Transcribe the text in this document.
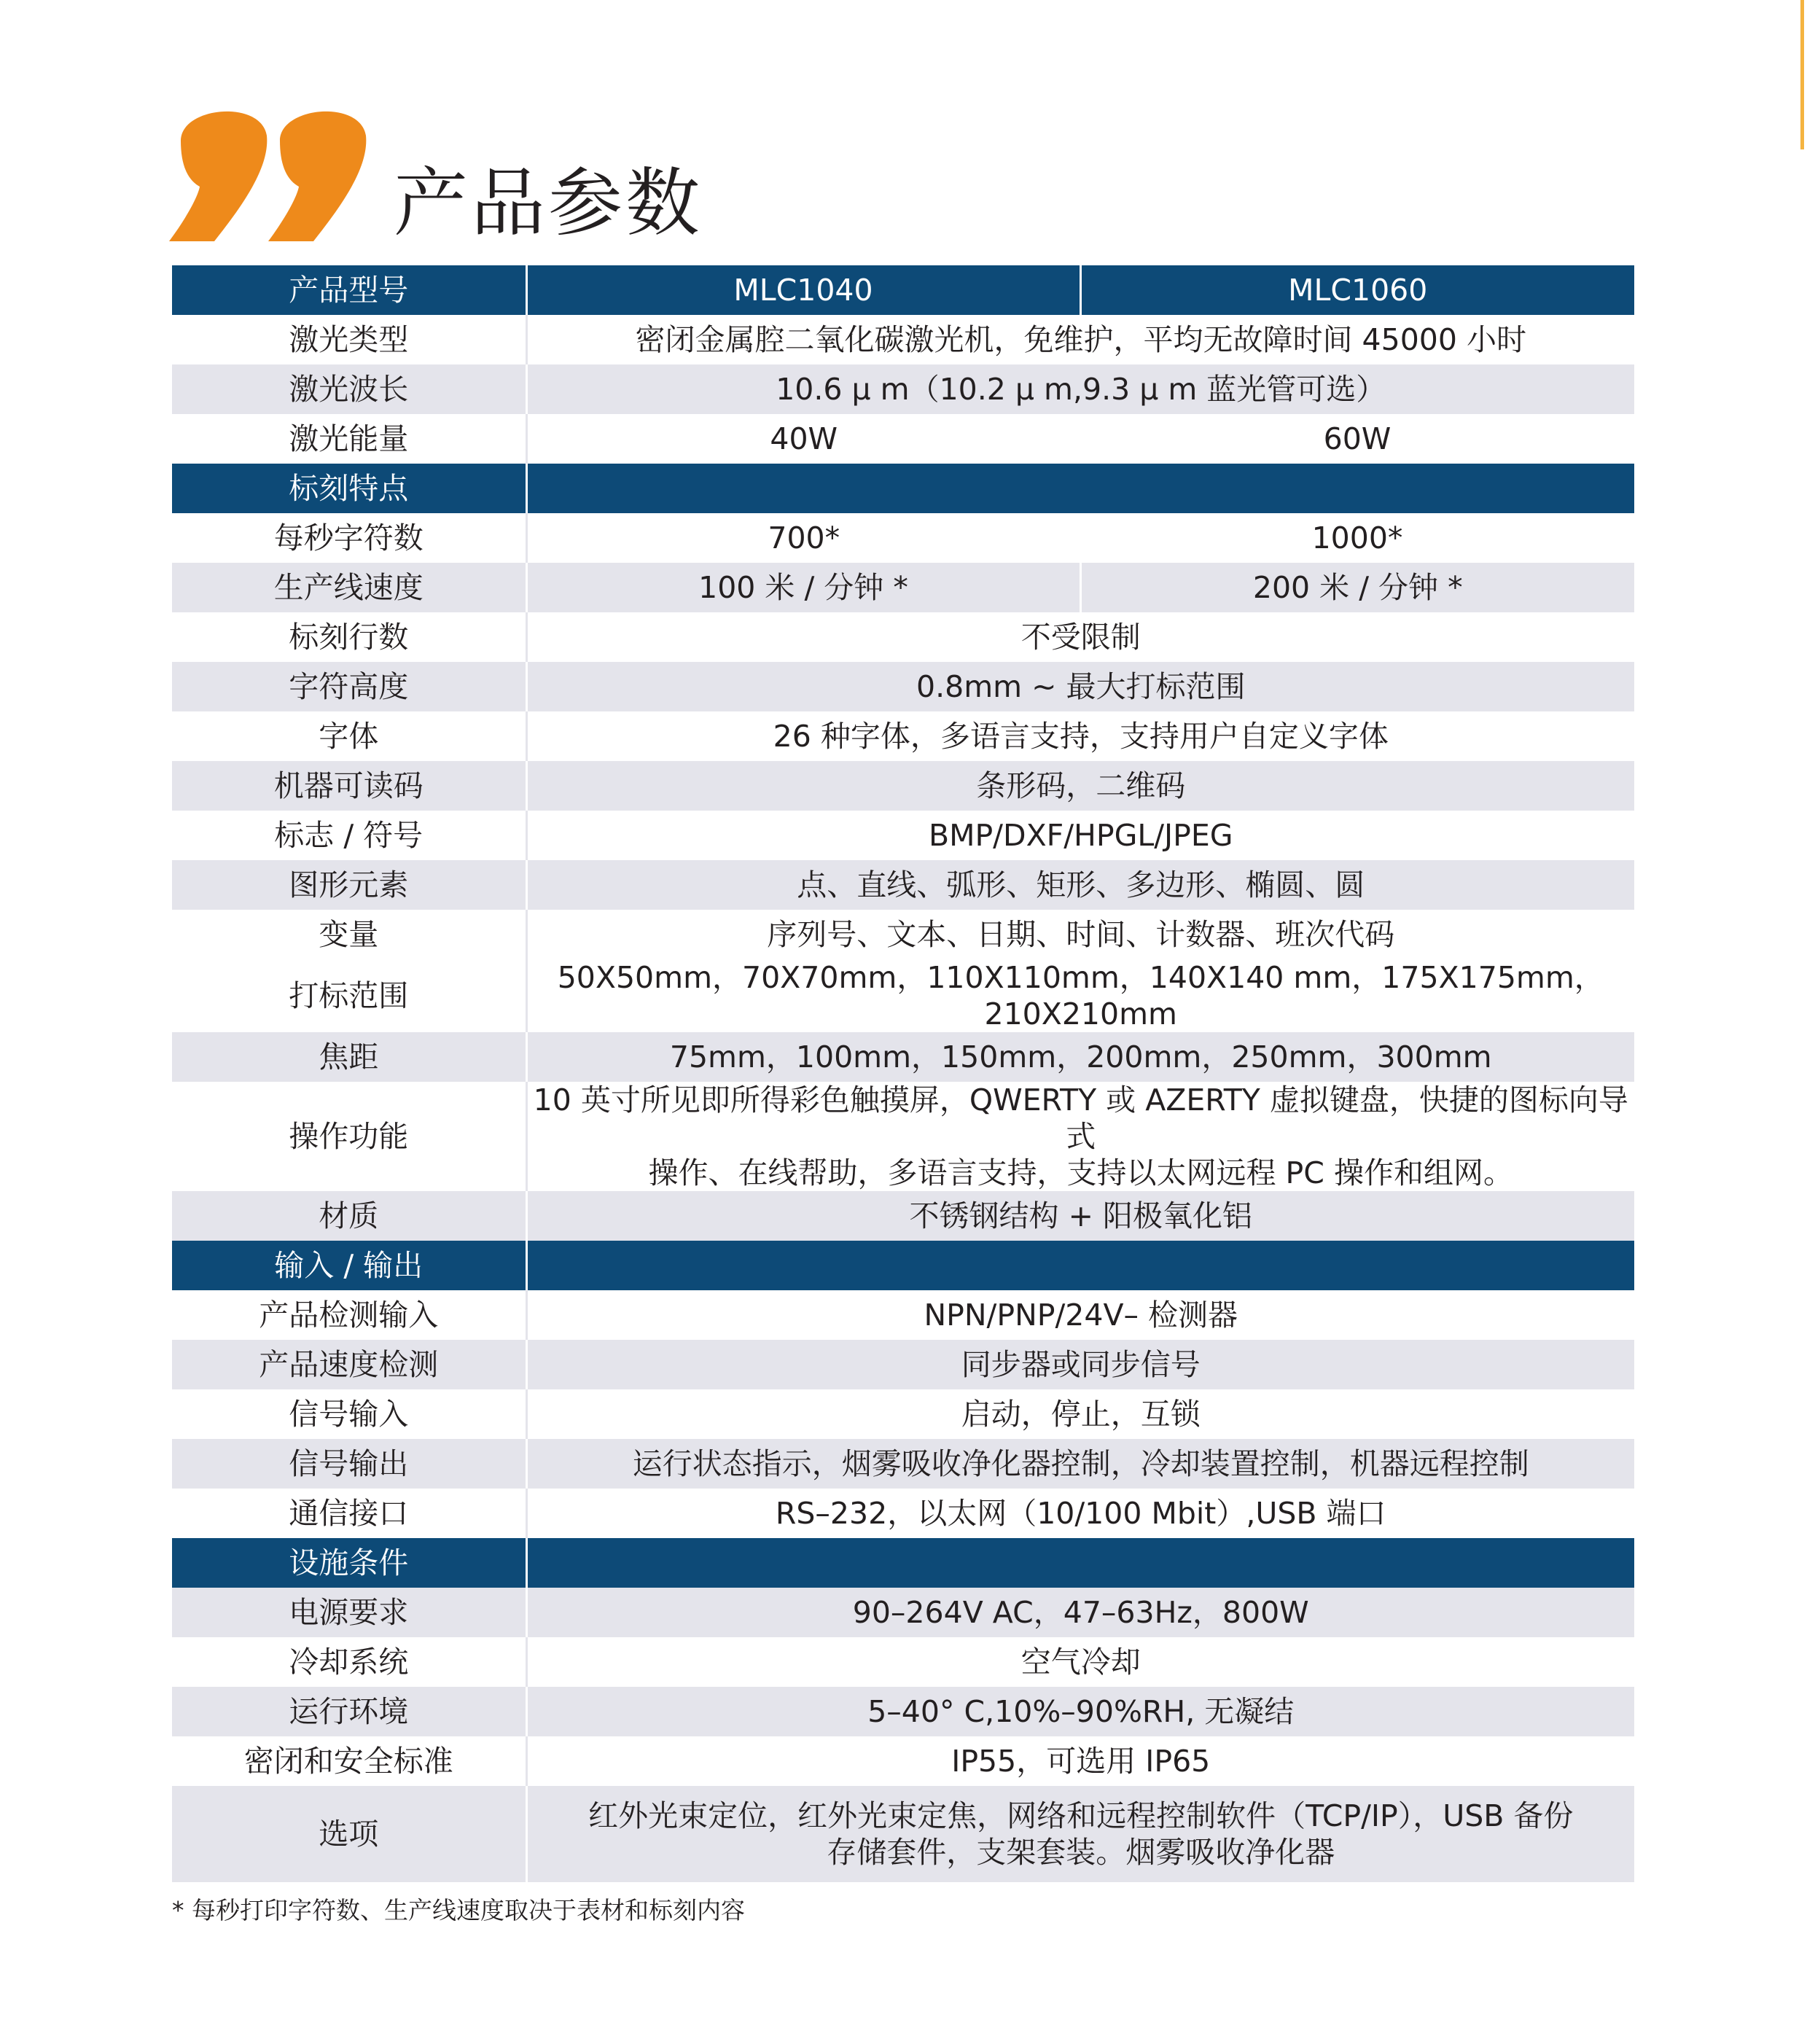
产品参数
产品型号	MLC1040	MLC1060
激光类型	密闭金属腔二氧化碳激光机，免维护，平均无故障时间 45000 小时	
激光波长	10.6 μ m（10.2 μ m,9.3 μ m 蓝光管可选）	
激光能量	40W	60W
标刻特点		
每秒字符数	700*	1000*
生产线速度	100 米 / 分钟 *	200 米 / 分钟 *
标刻行数	不受限制	
字符高度	0.8mm ~ 最大打标范围	
字体	26 种字体，多语言支持，支持用户自定义字体	
机器可读码	条形码，二维码	
标志 / 符号	BMP/DXF/HPGL/JPEG	
图形元素	点、直线、弧形、矩形、多边形、椭圆、圆	
变量	序列号、文本、日期、时间、计数器、班次代码	
打标范围	50X50mm，70X70mm，110X110mm，140X140 mm，175X175mm，210X210mm	
焦距	75mm，100mm，150mm，200mm，250mm，300mm	
操作功能	10 英寸所见即所得彩色触摸屏，QWERTY 或 AZERTY 虚拟键盘，快捷的图标向导式
操作、在线帮助，多语言支持，支持以太网远程 PC 操作和组网。	

材质	不锈钢结构 + 阳极氧化铝	
输入 / 输出		
产品检测输入	NPN/PNP/24V– 检测器	
产品速度检测	同步器或同步信号	
信号输入	启动，停止，互锁	
信号输出	运行状态指示，烟雾吸收净化器控制，冷却装置控制，机器远程控制	
通信接口	RS–232，以太网（10/100 Mbit）,USB 端口	
设施条件		
电源要求	90–264V AC，47–63Hz，800W	
冷却系统	空气冷却	
运行环境	5–40° C,10%–90%RH, 无凝结	
密闭和安全标准	IP55，可选用 IP65	
选项	红外光束定位，红外光束定焦，网络和远程控制软件（TCP/IP），USB 备份
存储套件，支架套装。烟雾吸收净化器	
* 每秒打印字符数、生产线速度取决于表材和标刻内容
